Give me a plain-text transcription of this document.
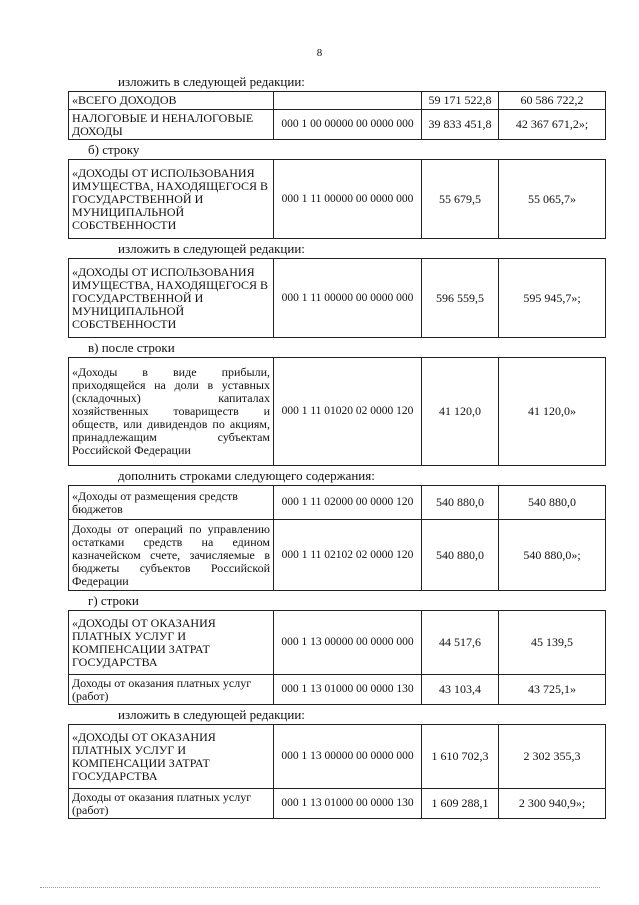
8
изложить в следующей редакции:
«ВСЕГО ДОХОДОВ		59 171 522,8	60 586 722,2
НАЛОГОВЫЕ И НЕНАЛОГОВЫЕ ДОХОДЫ	000 1 00 00000 00 0000 000	39 833 451,8	42 367 671,2»;
б) строку
«ДОХОДЫ ОТ ИСПОЛЬЗОВАНИЯ ИМУЩЕСТВА, НАХОДЯЩЕГОСЯ В ГОСУДАРСТВЕННОЙ И МУНИЦИПАЛЬНОЙ СОБСТВЕННОСТИ	000 1 11 00000 00 0000 000	55 679,5	55 065,7»
изложить в следующей редакции:
«ДОХОДЫ ОТ ИСПОЛЬЗОВАНИЯ ИМУЩЕСТВА, НАХОДЯЩЕГОСЯ В ГОСУДАРСТВЕННОЙ И МУНИЦИПАЛЬНОЙ СОБСТВЕННОСТИ	000 1 11 00000 00 0000 000	596 559,5	595 945,7»;
в) после строки
«Доходы в виде прибыли, приходящейся на доли в уставных (складочных) капиталах хозяйственных товариществ и обществ, или дивидендов по акциям, принадлежащим субъектам Российской Федерации	000 1 11 01020 02 0000 120	41 120,0	41 120,0»
дополнить строками следующего содержания:
«Доходы от размещения средств бюджетов	000 1 11 02000 00 0000 120	540 880,0	540 880,0
Доходы от операций по управлению остатками средств на едином казначейском счете, зачисляемые в бюджеты субъектов Российской Федерации	000 1 11 02102 02 0000 120	540 880,0	540 880,0»;
г) строки
«ДОХОДЫ ОТ ОКАЗАНИЯ ПЛАТНЫХ УСЛУГ И КОМПЕНСАЦИИ ЗАТРАТ ГОСУДАРСТВА	000 1 13 00000 00 0000 000	44 517,6	45 139,5
Доходы от оказания платных услуг (работ)	000 1 13 01000 00 0000 130	43 103,4	43 725,1»
изложить в следующей редакции:
«ДОХОДЫ ОТ ОКАЗАНИЯ ПЛАТНЫХ УСЛУГ И КОМПЕНСАЦИИ ЗАТРАТ ГОСУДАРСТВА	000 1 13 00000 00 0000 000	1 610 702,3	2 302 355,3
Доходы от оказания платных услуг (работ)	000 1 13 01000 00 0000 130	1 609 288,1	2 300 940,9»;
